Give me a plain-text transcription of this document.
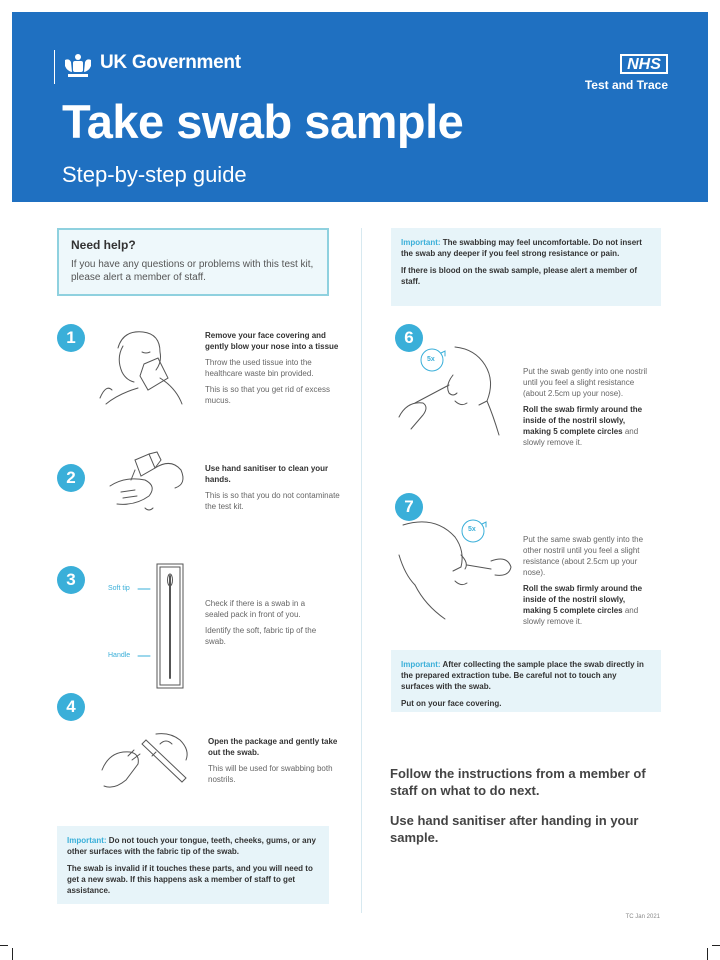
UK Government	NHS
Test and Trace
Take swab sample
Step-by-step guide
Need help?

If you have any questions or problems with this test kit, please alert a member of staff.

1	Remove your face covering and gently blow your nose into a tissue

Throw the used tissue into the healthcare waste bin provided.

This is so that you get rid of excess mucus.

2	Use hand sanitiser to clean your hands.

This is so that you do not contaminate the test kit.

3	Soft tip
Handle

Check if there is a swab in a sealed pack in front of you.

Identify the soft, fabric tip of the swab.

4

Open the package and gently take out the swab.

This will be used for swabbing both nostrils.

Important: Do not touch your tongue, teeth, cheeks, gums, or any other surfaces with the fabric tip of the swab.

The swab is invalid if it touches these parts, and you will need to get a new swab. If this happens ask a member of staff to get assistance.

Important: The swabbing may feel uncomfortable. Do not insert the swab any deeper if you feel strong resistance or pain.

If there is blood on the swab sample, please alert a member of staff.

6
5x

Put the swab gently into one nostril until you feel a slight resistance (about 2.5cm up your nose).

Roll the swab firmly around the inside of the nostril slowly, making 5 complete circles and slowly remove it.

7
5x

Put the same swab gently into the other nostril until you feel a slight resistance (about 2.5cm up your nose).

Roll the swab firmly around the inside of the nostril slowly, making 5 complete circles and slowly remove it.

Important: After collecting the sample place the swab directly in the prepared extraction tube. Be careful not to touch any surfaces with the swab.

Put on your face covering.

Follow the instructions from a member of staff on what to do next.

Use hand sanitiser after handing in your sample.

TC Jan 2021
